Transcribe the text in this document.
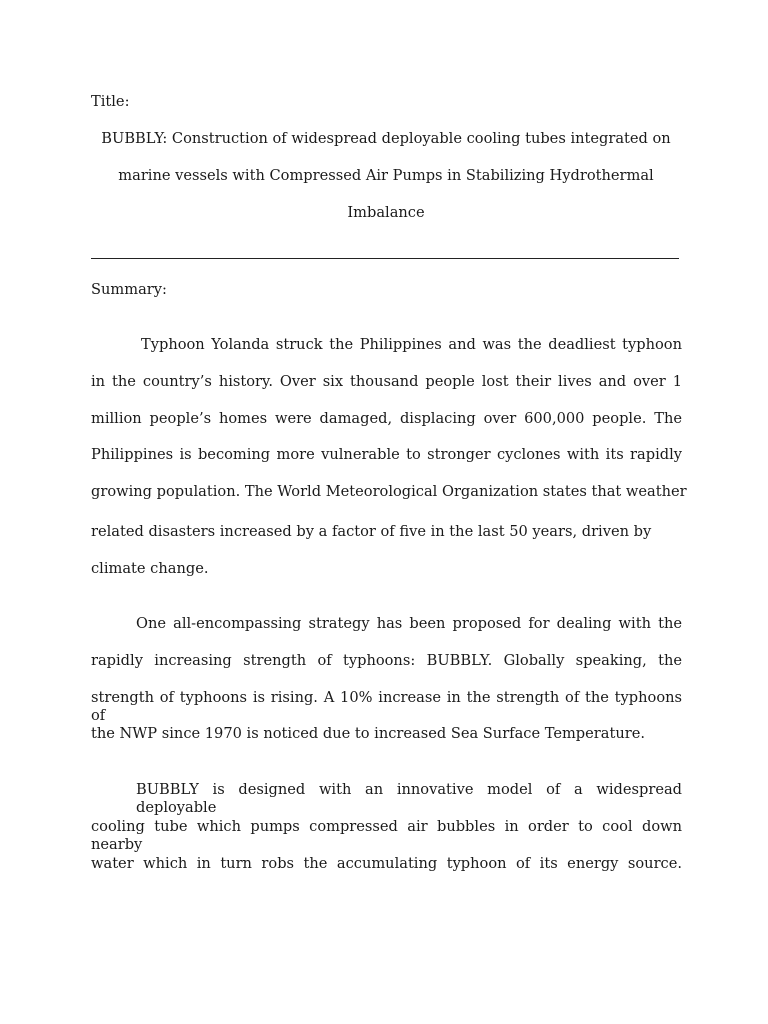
Title:
BUBBLY: Construction of widespread deployable cooling tubes integrated on
marine vessels with Compressed Air Pumps in Stabilizing Hydrothermal
Imbalance
Summary:
Typhoon Yolanda struck the Philippines and was the deadliest typhoon
in the country’s history. Over six thousand people lost their lives and over 1
million people’s homes were damaged, displacing over 600,000 people. The
Philippines is becoming more vulnerable to stronger cyclones with its rapidly
growing population. The World Meteorological Organization states that weather
related disasters increased by a factor of five in the last 50 years, driven by
climate change.
One all-encompassing strategy has been proposed for dealing with the
rapidly increasing strength of typhoons: BUBBLY. Globally speaking, the
strength of typhoons is rising. A 10% increase in the strength of the typhoons of
the NWP since 1970 is noticed due to increased Sea Surface Temperature.
BUBBLY is designed with an innovative model of a widespread deployable
cooling tube which pumps compressed air bubbles in order to cool down nearby
water which in turn robs the accumulating typhoon of its energy source.
